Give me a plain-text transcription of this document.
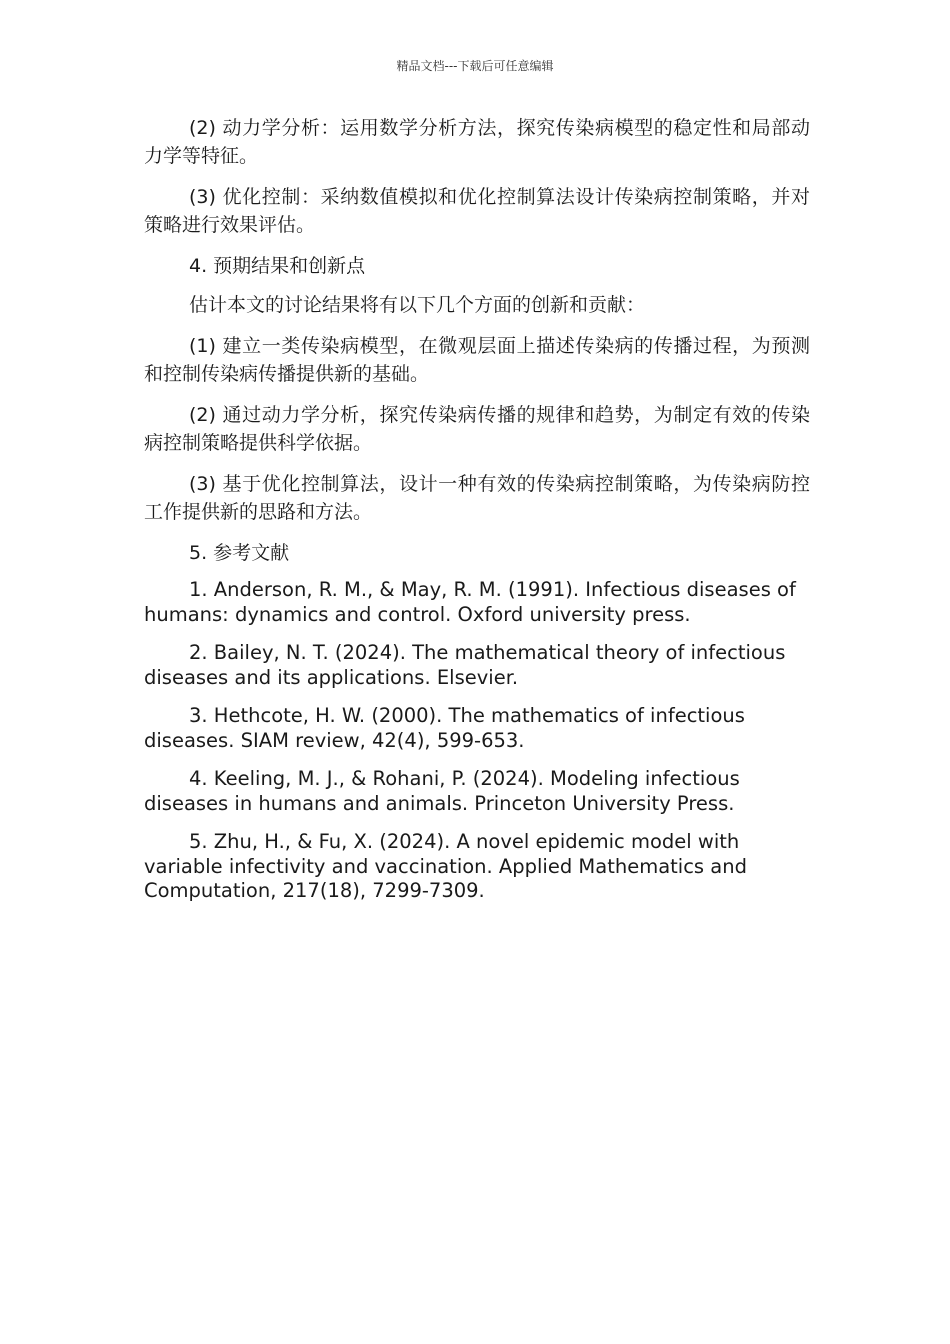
精品文档---下载后可任意编辑

(2) 动力学分析：运用数学分析方法，探究传染病模型的稳定性和局部动力学等特征。

(3) 优化控制：采纳数值模拟和优化控制算法设计传染病控制策略，并对策略进行效果评估。

4. 预期结果和创新点

估计本文的讨论结果将有以下几个方面的创新和贡献：

(1) 建立一类传染病模型，在微观层面上描述传染病的传播过程，为预测和控制传染病传播提供新的基础。

(2) 通过动力学分析，探究传染病传播的规律和趋势，为制定有效的传染病控制策略提供科学依据。

(3) 基于优化控制算法，设计一种有效的传染病控制策略，为传染病防控工作提供新的思路和方法。

5. 参考文献

1. Anderson, R. M., & May, R. M. (1991). Infectious diseases of humans: dynamics and control. Oxford university press.

2. Bailey, N. T. (2024). The mathematical theory of infectious diseases and its applications. Elsevier.

3. Hethcote, H. W. (2000). The mathematics of infectious diseases. SIAM review, 42(4), 599-653.

4. Keeling, M. J., & Rohani, P. (2024). Modeling infectious diseases in humans and animals. Princeton University Press.

5. Zhu, H., & Fu, X. (2024). A novel epidemic model with variable infectivity and vaccination. Applied Mathematics and Computation, 217(18), 7299-7309.
